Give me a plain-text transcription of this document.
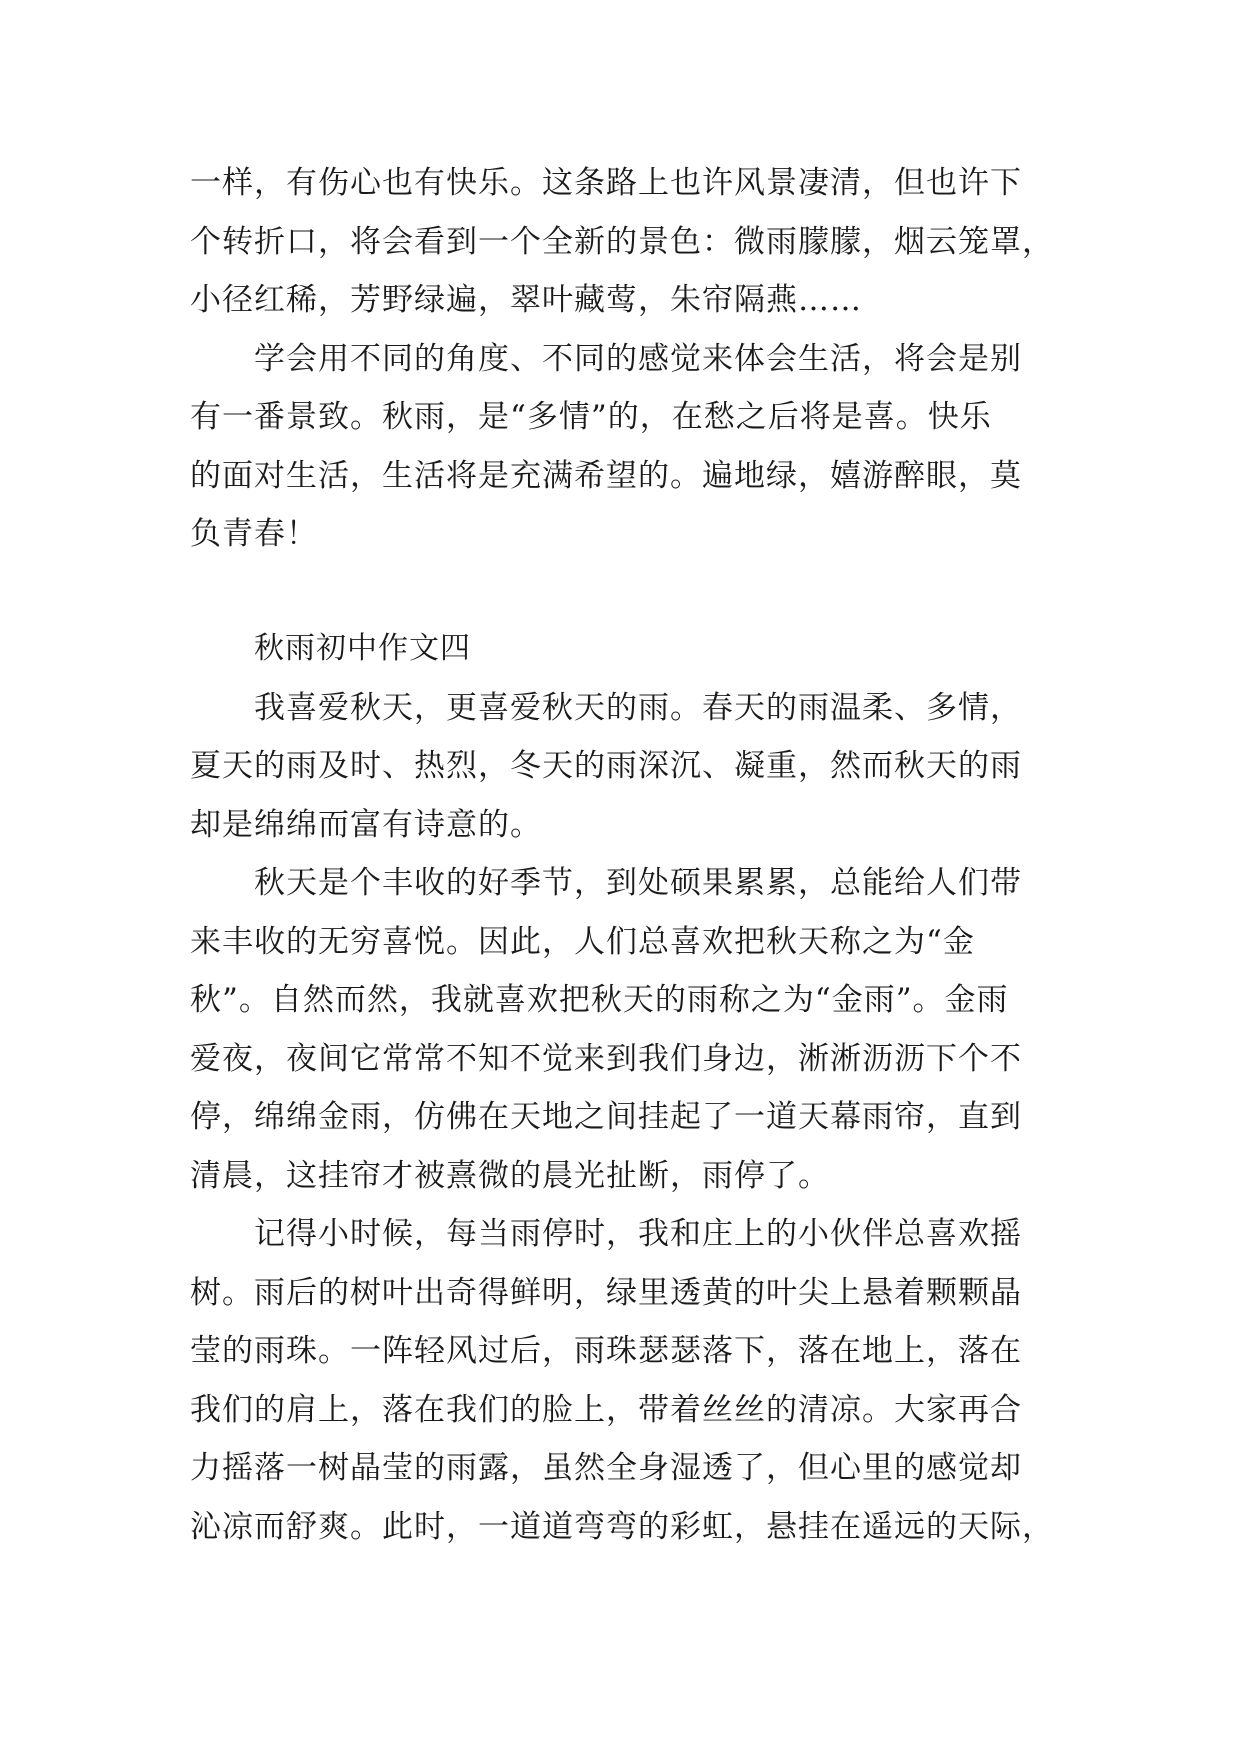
一样，有伤心也有快乐。这条路上也许风景凄清，但也许下
个转折口，将会看到一个全新的景色：微雨朦朦，烟云笼罩，
小径红稀，芳野绿遍，翠叶藏莺，朱帘隔燕……
学会用不同的角度、不同的感觉来体会生活，将会是别
有一番景致。秋雨，是“多情”的，在愁之后将是喜。快乐
的面对生活，生活将是充满希望的。遍地绿，嬉游醉眼，莫
负青春！
秋雨初中作文四
我喜爱秋天，更喜爱秋天的雨。春天的雨温柔、多情，
夏天的雨及时、热烈，冬天的雨深沉、凝重，然而秋天的雨
却是绵绵而富有诗意的。
秋天是个丰收的好季节，到处硕果累累，总能给人们带
来丰收的无穷喜悦。因此，人们总喜欢把秋天称之为“金
秋”。自然而然，我就喜欢把秋天的雨称之为“金雨”。金雨
爱夜，夜间它常常不知不觉来到我们身边，淅淅沥沥下个不
停，绵绵金雨，仿佛在天地之间挂起了一道天幕雨帘，直到
清晨，这挂帘才被熹微的晨光扯断，雨停了。
记得小时候，每当雨停时，我和庄上的小伙伴总喜欢摇
树。雨后的树叶出奇得鲜明，绿里透黄的叶尖上悬着颗颗晶
莹的雨珠。一阵轻风过后，雨珠瑟瑟落下，落在地上，落在
我们的肩上，落在我们的脸上，带着丝丝的清凉。大家再合
力摇落一树晶莹的雨露，虽然全身湿透了，但心里的感觉却
沁凉而舒爽。此时，一道道弯弯的彩虹，悬挂在遥远的天际，
